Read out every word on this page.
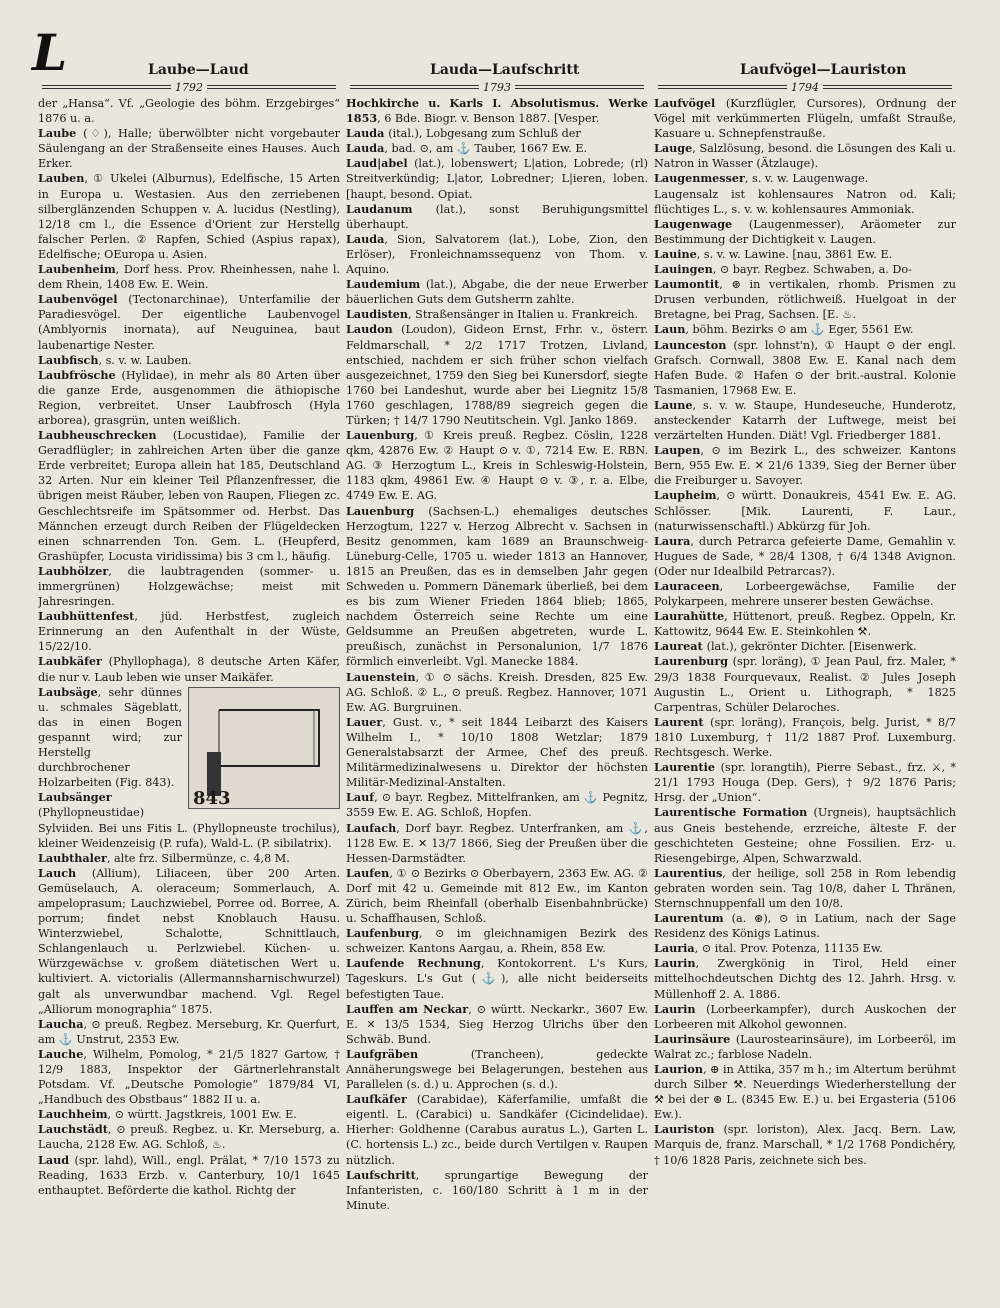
L	Laube—Laud	Lauda—Laufschritt	Laufvögel—Lauriston
1792	1793	1794

der „Hansa“. Vf. „Geologie des böhm. Erzgebirges“ 1876 u. a.

Laube (♢), Halle; überwölbter nicht vorgebauter Säulengang an der Straßenseite eines Hauses. Auch Erker.

Lauben, ① Ukelei (Alburnus), Edelfische, 15 Arten in Europa u. Westasien. Aus den zerriebenen silberglänzenden Schuppen v. A. lucidus (Nestling), 12/18 cm l., die Essence d'Orient zur Herstellg falscher Perlen. ② Rapfen, Schied (Aspius rapax), Edelfische; OEuropa u. Asien.

Laubenheim, Dorf hess. Prov. Rheinhessen, nahe l. dem Rhein, 1408 Ew. E. Wein.

Laubenvögel (Tectonarchinae), Unterfamilie der Paradiesvögel. Der eigentliche Laubenvogel (Amblyornis inornata), auf Neuguinea, baut laubenartige Nester.

Laubfisch, s. v. w. Lauben.

Laubfrösche (Hylidae), in mehr als 80 Arten über die ganze Erde, ausgenommen die äthiopische Region, verbreitet. Unser Laubfrosch (Hyla arborea), grasgrün, unten weißlich.

Laubheuschrecken (Locustidae), Familie der Geradflügler; in zahlreichen Arten über die ganze Erde verbreitet; Europa allein hat 185, Deutschland 32 Arten. Nur ein kleiner Teil Pflanzenfresser, die übrigen meist Räuber, leben von Raupen, Fliegen zc. Geschlechtsreife im Spätsommer od. Herbst. Das Männchen erzeugt durch Reiben der Flügeldecken einen schnarrenden Ton. Gem. L. (Heupferd, Grashüpfer, Locusta viridissima) bis 3 cm l., häufig.

Laubhölzer, die laubtragenden (sommer- u. immergrünen) Holzgewächse; meist mit Jahresringen.

Laubhüttenfest, jüd. Herbstfest, zugleich Erinnerung an den Aufenthalt in der Wüste, 15/22/10.

Laubkäfer (Phyllophaga), 8 deutsche Arten Käfer, die nur v. Laub leben wie unser Maikäfer.

843

Laubsäge, sehr dünnes u. schmales Sägeblatt, das in einen Bogen gespannt wird; zur Herstellg durchbrochener Holzarbeiten (Fig. 843).

Laubsänger (Phyllopneustidae) Sylviiden. Bei uns Fitis L. (Phyllopneuste trochilus), kleiner Weidenzeisig (P. rufa), Wald-L. (P. sibilatrix).

Laubthaler, alte frz. Silbermünze, c. 4,8 M.

Lauch (Allium), Liliaceen, über 200 Arten. Gemüselauch, A. oleraceum; Sommerlauch, A. ampeloprasum; Lauchzwiebel, Porree od. Borree, A. porrum; findet nebst Knoblauch Hausu. Winterzwiebel, Schalotte, Schnittlauch, Schlangenlauch u. Perlzwiebel. Küchen- u. Würzgewächse v. großem diätetischen Wert u. kultiviert. A. victorialis (Allermannsharnischwurzel) galt als unverwundbar machend. Vgl. Regel „Alliorum monographia“ 1875.

Laucha, ⊙ preuß. Regbez. Merseburg, Kr. Querfurt, am ⚓ Unstrut, 2353 Ew.

Lauche, Wilhelm, Pomolog, * 21/5 1827 Gartow, † 12/9 1883, Inspektor der Gärtnerlehranstalt Potsdam. Vf. „Deutsche Pomologie“ 1879/84 VI, „Handbuch des Obstbaus“ 1882 II u. a.

Lauchheim, ⊙ württ. Jagstkreis, 1001 Ew. E.

Lauchstädt, ⊙ preuß. Regbez. u. Kr. Merseburg, a. Laucha, 2128 Ew. AG. Schloß, ♨.

Laud (spr. lahd), Will., engl. Prälat, * 7/10 1573 zu Reading, 1633 Erzb. v. Canterbury, 10/1 1645 enthauptet. Beförderte die kathol. Richtg der

Hochkirche u. Karls I. Absolutismus. Werke 1853, 6 Bde. Biogr. v. Benson 1887. [Vesper.

Lauda (ital.), Lobgesang zum Schluß der

Lauda, bad. ⊙, am ⚓ Tauber, 1667 Ew. E.

Laud|abel (lat.), lobenswert; L|ation, Lobrede; (rl) Streitverkündig; L|ator, Lobredner; L|ieren, loben. [haupt, besond. Opiat.

Laudanum (lat.), sonst Beruhigungsmittel überhaupt.

Lauda, Sion, Salvatorem (lat.), Lobe, Zion, den Erlöser), Fronleichnamssequenz von Thom. v. Aquino.

Laudemium (lat.), Abgabe, die der neue Erwerber bäuerlichen Guts dem Gutsherrn zahlte.

Laudisten, Straßensänger in Italien u. Frankreich.

Laudon (Loudon), Gideon Ernst, Frhr. v., österr. Feldmarschall, * 2/2 1717 Trotzen, Livland, entschied, nachdem er sich früher schon vielfach ausgezeichnet, 1759 den Sieg bei Kunersdorf, siegte 1760 bei Landeshut, wurde aber bei Liegnitz 15/8 1760 geschlagen, 1788/89 siegreich gegen die Türken; † 14/7 1790 Neutitschein. Vgl. Janko 1869.

Lauenburg, ① Kreis preuß. Regbez. Cöslin, 1228 qkm, 42876 Ew. ② Haupt ⊙ v. ①, 7214 Ew. E. RBN. AG. ③ Herzogtum L., Kreis in Schleswig-Holstein, 1183 qkm, 49861 Ew. ④ Haupt ⊙ v. ③, r. a. Elbe, 4749 Ew. E. AG.

Lauenburg (Sachsen-L.) ehemaliges deutsches Herzogtum, 1227 v. Herzog Albrecht v. Sachsen in Besitz genommen, kam 1689 an Braunschweig-Lüneburg-Celle, 1705 u. wieder 1813 an Hannover, 1815 an Preußen, das es in demselben Jahr gegen Schweden u. Pommern Dänemark überließ, bei dem es bis zum Wiener Frieden 1864 blieb; 1865, nachdem Österreich seine Rechte um eine Geldsumme an Preußen abgetreten, wurde L. preußisch, zunächst in Personalunion, 1/7 1876 förmlich einverleibt. Vgl. Manecke 1884.

Lauenstein, ① ⊙ sächs. Kreish. Dresden, 825 Ew. AG. Schloß. ② L., ⊙ preuß. Regbez. Hannover, 1071 Ew. AG. Burgruinen.

Lauer, Gust. v., * seit 1844 Leibarzt des Kaisers Wilhelm I., * 10/10 1808 Wetzlar; 1879 Generalstabsarzt der Armee, Chef des preuß. Militärmedizinalwesens u. Direktor der höchsten Militär-Medizinal-Anstalten.

Lauf, ⊙ bayr. Regbez. Mittelfranken, am ⚓ Pegnitz, 3559 Ew. E. AG. Schloß, Hopfen.

Laufach, Dorf bayr. Regbez. Unterfranken, am ⚓, 1128 Ew. E. ✕ 13/7 1866, Sieg der Preußen über die Hessen-Darmstädter.

Laufen, ① ⊙ Bezirks ⊙ Oberbayern, 2363 Ew. AG. ② Dorf mit 42 u. Gemeinde mit 812 Ew., im Kanton Zürich, beim Rheinfall (oberhalb Eisenbahnbrücke) u. Schaffhausen, Schloß.

Laufenburg, ⊙ im gleichnamigen Bezirk des schweizer. Kantons Aargau, a. Rhein, 858 Ew.

Laufende Rechnung, Kontokorrent. L's Kurs, Tageskurs. L's Gut (⚓), alle nicht beiderseits befestigten Taue.

Lauffen am Neckar, ⊙ württ. Neckarkr., 3607 Ew. E. ✕ 13/5 1534, Sieg Herzog Ulrichs über den Schwäb. Bund.

Laufgräben (Trancheen), gedeckte Annäherungswege bei Belagerungen, bestehen aus Parallelen (s. d.) u. Approchen (s. d.).

Laufkäfer (Carabidae), Käferfamilie, umfaßt die eigentl. L. (Carabici) u. Sandkäfer (Cicindelidae). Hierher: Goldhenne (Carabus auratus L.), Garten L. (C. hortensis L.) zc., beide durch Vertilgen v. Raupen nützlich.

Laufschritt, sprungartige Bewegung der Infanteristen, c. 160/180 Schritt à 1 m in der Minute.

Laufvögel (Kurzflügler, Cursores), Ordnung der Vögel mit verkümmerten Flügeln, umfaßt Strauße, Kasuare u. Schnepfenstrauße.

Lauge, Salzlösung, besond. die Lösungen des Kali u. Natron in Wasser (Ätzlauge).

Laugenmesser, s. v. w. Laugenwage.

Laugensalz ist kohlensaures Natron od. Kali; flüchtiges L., s. v. w. kohlensaures Ammoniak.

Laugenwage (Laugenmesser), Aräometer zur Bestimmung der Dichtigkeit v. Laugen.

Lauine, s. v. w. Lawine. [nau, 3861 Ew. E.

Lauingen, ⊙ bayr. Regbez. Schwaben, a. Do-

Laumontit, ⊛ in vertikalen, rhomb. Prismen zu Drusen verbunden, rötlichweiß. Huelgoat in der Bretagne, bei Prag, Sachsen. [E. ♨.

Laun, böhm. Bezirks ⊙ am ⚓ Eger, 5561 Ew.

Launceston (spr. lohnst'n), ① Haupt ⊙ der engl. Grafsch. Cornwall, 3808 Ew. E. Kanal nach dem Hafen Bude. ② Hafen ⊙ der brit.-austral. Kolonie Tasmanien, 17968 Ew. E.

Laune, s. v. w. Staupe, Hundeseuche, Hunderotz, ansteckender Katarrh der Luftwege, meist bei verzärtelten Hunden. Diät! Vgl. Friedberger 1881.

Laupen, ⊙ im Bezirk L., des schweizer. Kantons Bern, 955 Ew. E. ✕ 21/6 1339, Sieg der Berner über die Freiburger u. Savoyer.

Laupheim, ⊙ württ. Donaukreis, 4541 Ew. E. AG. Schlösser. [Mik. Laurenti, F. Laur., (naturwissenschaftl.) Abkürzg für Joh.

Laura, durch Petrarca gefeierte Dame, Gemahlin v. Hugues de Sade, * 28/4 1308, † 6/4 1348 Avignon. (Oder nur Idealbild Petrarcas?).

Lauraceen, Lorbeergewächse, Familie der Polykarpeen, mehrere unserer besten Gewächse.

Laurahütte, Hüttenort, preuß. Regbez. Oppeln, Kr. Kattowitz, 9644 Ew. E. Steinkohlen ⚒.

Laureat (lat.), gekrönter Dichter. [Eisenwerk.

Laurenburg (spr. loräng), ① Jean Paul, frz. Maler, * 29/3 1838 Fourquevaux, Realist. ② Jules Joseph Augustin L., Orient u. Lithograph, * 1825 Carpentras, Schüler Delaroches.

Laurent (spr. loräng), François, belg. Jurist, * 8/7 1810 Luxemburg, † 11/2 1887 Prof. Luxemburg. Rechtsgesch. Werke.

Laurentie (spr. lorangtih), Pierre Sebast., frz. ⚔, * 21/1 1793 Houga (Dep. Gers), † 9/2 1876 Paris; Hrsg. der „Union“.

Laurentische Formation (Urgneis), hauptsächlich aus Gneis bestehende, erzreiche, älteste F. der geschichteten Gesteine; ohne Fossilien. Erz- u. Riesengebirge, Alpen, Schwarzwald.

Laurentius, der heilige, soll 258 in Rom lebendig gebraten worden sein. Tag 10/8, daher L Thränen, Sternschnuppenfall um den 10/8.

Laurentum (a. ⊛), ⊙ in Latium, nach der Sage Residenz des Königs Latinus.

Lauria, ⊙ ital. Prov. Potenza, 11135 Ew.

Laurin, Zwergkönig in Tirol, Held einer mittelhochdeutschen Dichtg des 12. Jahrh. Hrsg. v. Müllenhoff 2. A. 1886.

Laurin (Lorbeerkampfer), durch Auskochen der Lorbeeren mit Alkohol gewonnen.

Laurinsäure (Laurostearinsäure), im Lorbeeröl, im Walrat zc.; farblose Nadeln.

Laurion, ⊕ in Attika, 357 m h.; im Altertum berühmt durch Silber ⚒. Neuerdings Wiederherstellung der ⚒ bei der ⊛ L. (8345 Ew. E.) u. bei Ergasteria (5106 Ew.).

Lauriston (spr. loriston), Alex. Jacq. Bern. Law, Marquis de, franz. Marschall, * 1/2 1768 Pondichéry, † 10/6 1828 Paris, zeichnete sich bes.
